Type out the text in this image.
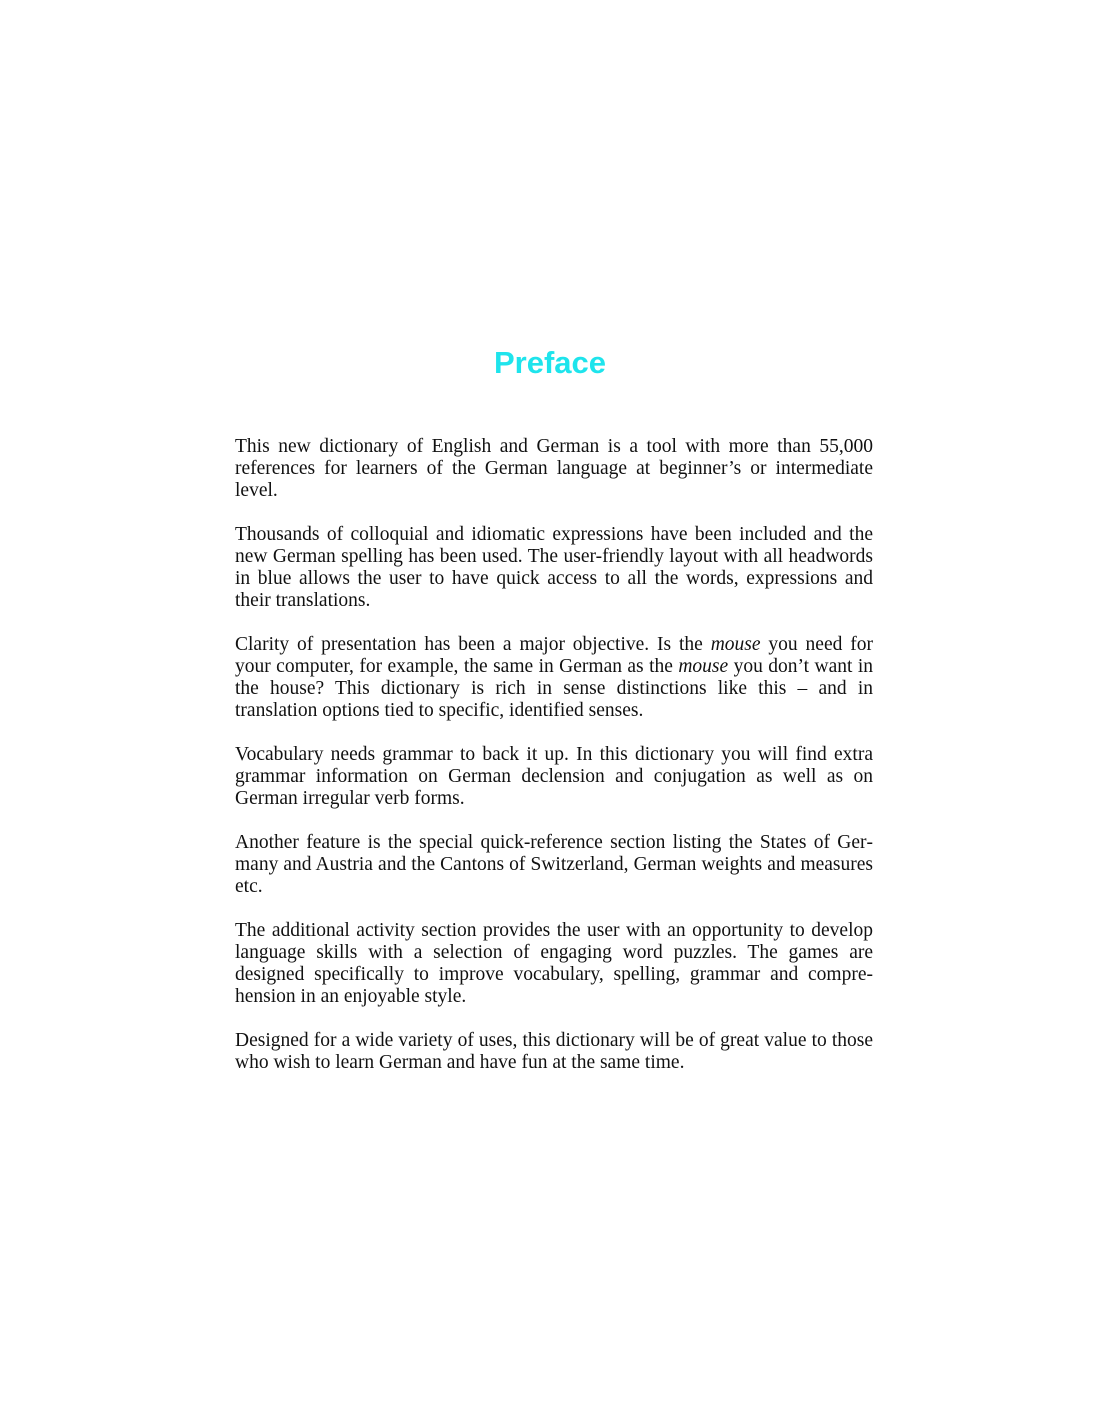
Preface

This new dictionary of English and German is a tool with more than 55,000 references for learners of the German language at beginner’s or intermediate level.

Thousands of colloquial and idiomatic expressions have been included and the new German spelling has been used. The user-friendly layout with all headwords in blue allows the user to have quick access to all the words, expressions and their translations.

Clarity of presentation has been a major objective. Is the mouse you need for your computer, for example, the same in German as the mouse you don’t want in the house? This dictionary is rich in sense distinctions like this – and in translation options tied to specific, identified senses.

Vocabulary needs grammar to back it up. In this dictionary you will find extra grammar information on German declension and conjugation as well as on German irregular verb forms.

Another feature is the special quick-reference section listing the States of Germany and Austria and the Cantons of Switzerland, German weights and measures etc.

The additional activity section provides the user with an opportunity to develop language skills with a selection of engaging word puzzles. The games are designed specifically to improve vocabulary, spelling, grammar and comprehension in an enjoyable style.

Designed for a wide variety of uses, this dictionary will be of great value to those who wish to learn German and have fun at the same time.
